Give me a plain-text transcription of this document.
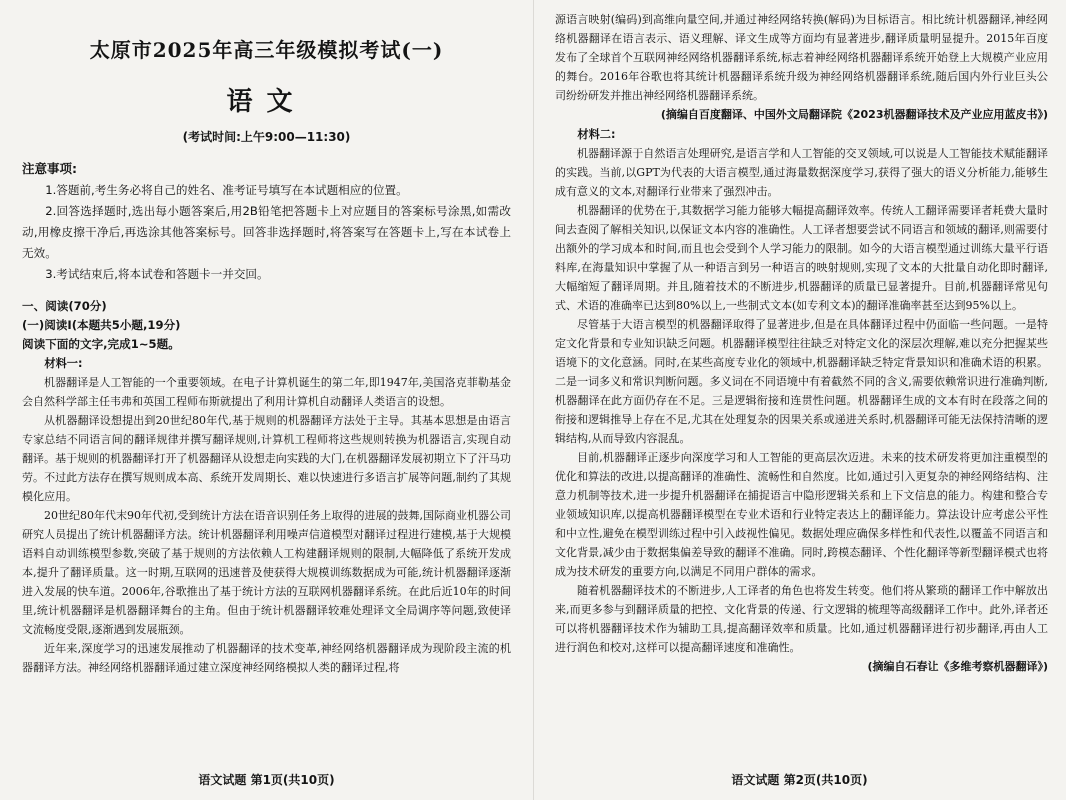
太原市2025年高三年级模拟考试(一)
语文
(考试时间:上午9:00—11:30)
注意事项:

1.答题前,考生务必将自己的姓名、准考证号填写在本试题相应的位置。

2.回答选择题时,选出每小题答案后,用2B铅笔把答题卡上对应题目的答案标号涂黑,如需改动,用橡皮擦干净后,再选涂其他答案标号。回答非选择题时,将答案写在答题卡上,写在本试卷上无效。

3.考试结束后,将本试卷和答题卡一并交回。

一、阅读(70分)

(一)阅读Ⅰ(本题共5小题,19分)

阅读下面的文字,完成1~5题。

材料一:

机器翻译是人工智能的一个重要领域。在电子计算机诞生的第二年,即1947年,美国洛克菲勒基金会自然科学部主任韦弗和英国工程师布斯就提出了利用计算机自动翻译人类语言的设想。

从机器翻译设想提出到20世纪80年代,基于规则的机器翻译方法处于主导。其基本思想是由语言专家总结不同语言间的翻译规律并撰写翻译规则,计算机工程师将这些规则转换为机器语言,实现自动翻译。基于规则的机器翻译打开了机器翻译从设想走向实践的大门,在机器翻译发展初期立下了汗马功劳。不过此方法存在撰写规则成本高、系统开发周期长、难以快速进行多语言扩展等问题,制约了其规模化应用。

20世纪80年代末90年代初,受到统计方法在语音识别任务上取得的进展的鼓舞,国际商业机器公司研究人员提出了统计机器翻译方法。统计机器翻译利用噪声信道模型对翻译过程进行建模,基于大规模语料自动训练模型参数,突破了基于规则的方法依赖人工构建翻译规则的限制,大幅降低了系统开发成本,提升了翻译质量。这一时期,互联网的迅速普及使获得大规模训练数据成为可能,统计机器翻译逐渐进入发展的快车道。2006年,谷歌推出了基于统计方法的互联网机器翻译系统。在此后近10年的时间里,统计机器翻译是机器翻译舞台的主角。但由于统计机器翻译较难处理译文全局调序等问题,致使译文流畅度受限,逐渐遇到发展瓶颈。

近年来,深度学习的迅速发展推动了机器翻译的技术变革,神经网络机器翻译成为现阶段主流的机器翻译方法。神经网络机器翻译通过建立深度神经网络模拟人类的翻译过程,将

语文试题 第1页(共10页)

源语言映射(编码)到高维向量空间,并通过神经网络转换(解码)为目标语言。相比统计机器翻译,神经网络机器翻译在语言表示、语义理解、译文生成等方面均有显著进步,翻译质量明显提升。2015年百度发布了全球首个互联网神经网络机器翻译系统,标志着神经网络机器翻译系统开始登上大规模产业应用的舞台。2016年谷歌也将其统计机器翻译系统升级为神经网络机器翻译系统,随后国内外行业巨头公司纷纷研发并推出神经网络机器翻译系统。

(摘编自百度翻译、中国外文局翻译院《2023机器翻译技术及产业应用蓝皮书》)

材料二:

机器翻译源于自然语言处理研究,是语言学和人工智能的交叉领域,可以说是人工智能技术赋能翻译的实践。当前,以GPT为代表的大语言模型,通过海量数据深度学习,获得了强大的语义分析能力,能够生成有意义的文本,对翻译行业带来了强烈冲击。

机器翻译的优势在于,其数据学习能力能够大幅提高翻译效率。传统人工翻译需要译者耗费大量时间去查阅了解相关知识,以保证文本内容的准确性。人工译者想要尝试不同语言和领域的翻译,则需要付出额外的学习成本和时间,而且也会受到个人学习能力的限制。如今的大语言模型通过训练大量平行语料库,在海量知识中掌握了从一种语言到另一种语言的映射规则,实现了文本的大批量自动化即时翻译,大幅缩短了翻译周期。并且,随着技术的不断进步,机器翻译的质量已显著提升。目前,机器翻译常见句式、术语的准确率已达到80%以上,一些制式文本(如专利文本)的翻译准确率甚至达到95%以上。

尽管基于大语言模型的机器翻译取得了显著进步,但是在具体翻译过程中仍面临一些问题。一是特定文化背景和专业知识缺乏问题。机器翻译模型往往缺乏对特定文化的深层次理解,难以充分把握某些语境下的文化意涵。同时,在某些高度专业化的领域中,机器翻译缺乏特定背景知识和准确术语的积累。二是一词多义和常识判断问题。多义词在不同语境中有着截然不同的含义,需要依赖常识进行准确判断,机器翻译在此方面仍存在不足。三是逻辑衔接和连贯性问题。机器翻译生成的文本有时在段落之间的衔接和逻辑推导上存在不足,尤其在处理复杂的因果关系或递进关系时,机器翻译可能无法保持清晰的逻辑结构,从而导致内容混乱。

目前,机器翻译正逐步向深度学习和人工智能的更高层次迈进。未来的技术研发将更加注重模型的优化和算法的改进,以提高翻译的准确性、流畅性和自然度。比如,通过引入更复杂的神经网络结构、注意力机制等技术,进一步提升机器翻译在捕捉语言中隐形逻辑关系和上下文信息的能力。构建和整合专业领域知识库,以提高机器翻译模型在专业术语和行业特定表达上的翻译能力。算法设计应考虑公平性和中立性,避免在模型训练过程中引入歧视性偏见。数据处理应确保多样性和代表性,以覆盖不同语言和文化背景,减少由于数据集偏差导致的翻译不准确。同时,跨模态翻译、个性化翻译等新型翻译模式也将成为技术研发的重要方向,以满足不同用户群体的需求。

随着机器翻译技术的不断进步,人工译者的角色也将发生转变。他们将从繁琐的翻译工作中解放出来,而更多参与到翻译质量的把控、文化背景的传递、行文逻辑的梳理等高级翻译工作中。此外,译者还可以将机器翻译技术作为辅助工具,提高翻译效率和质量。比如,通过机器翻译进行初步翻译,再由人工进行润色和校对,这样可以提高翻译速度和准确性。

(摘编自石春让《多维考察机器翻译》)

语文试题 第2页(共10页)
